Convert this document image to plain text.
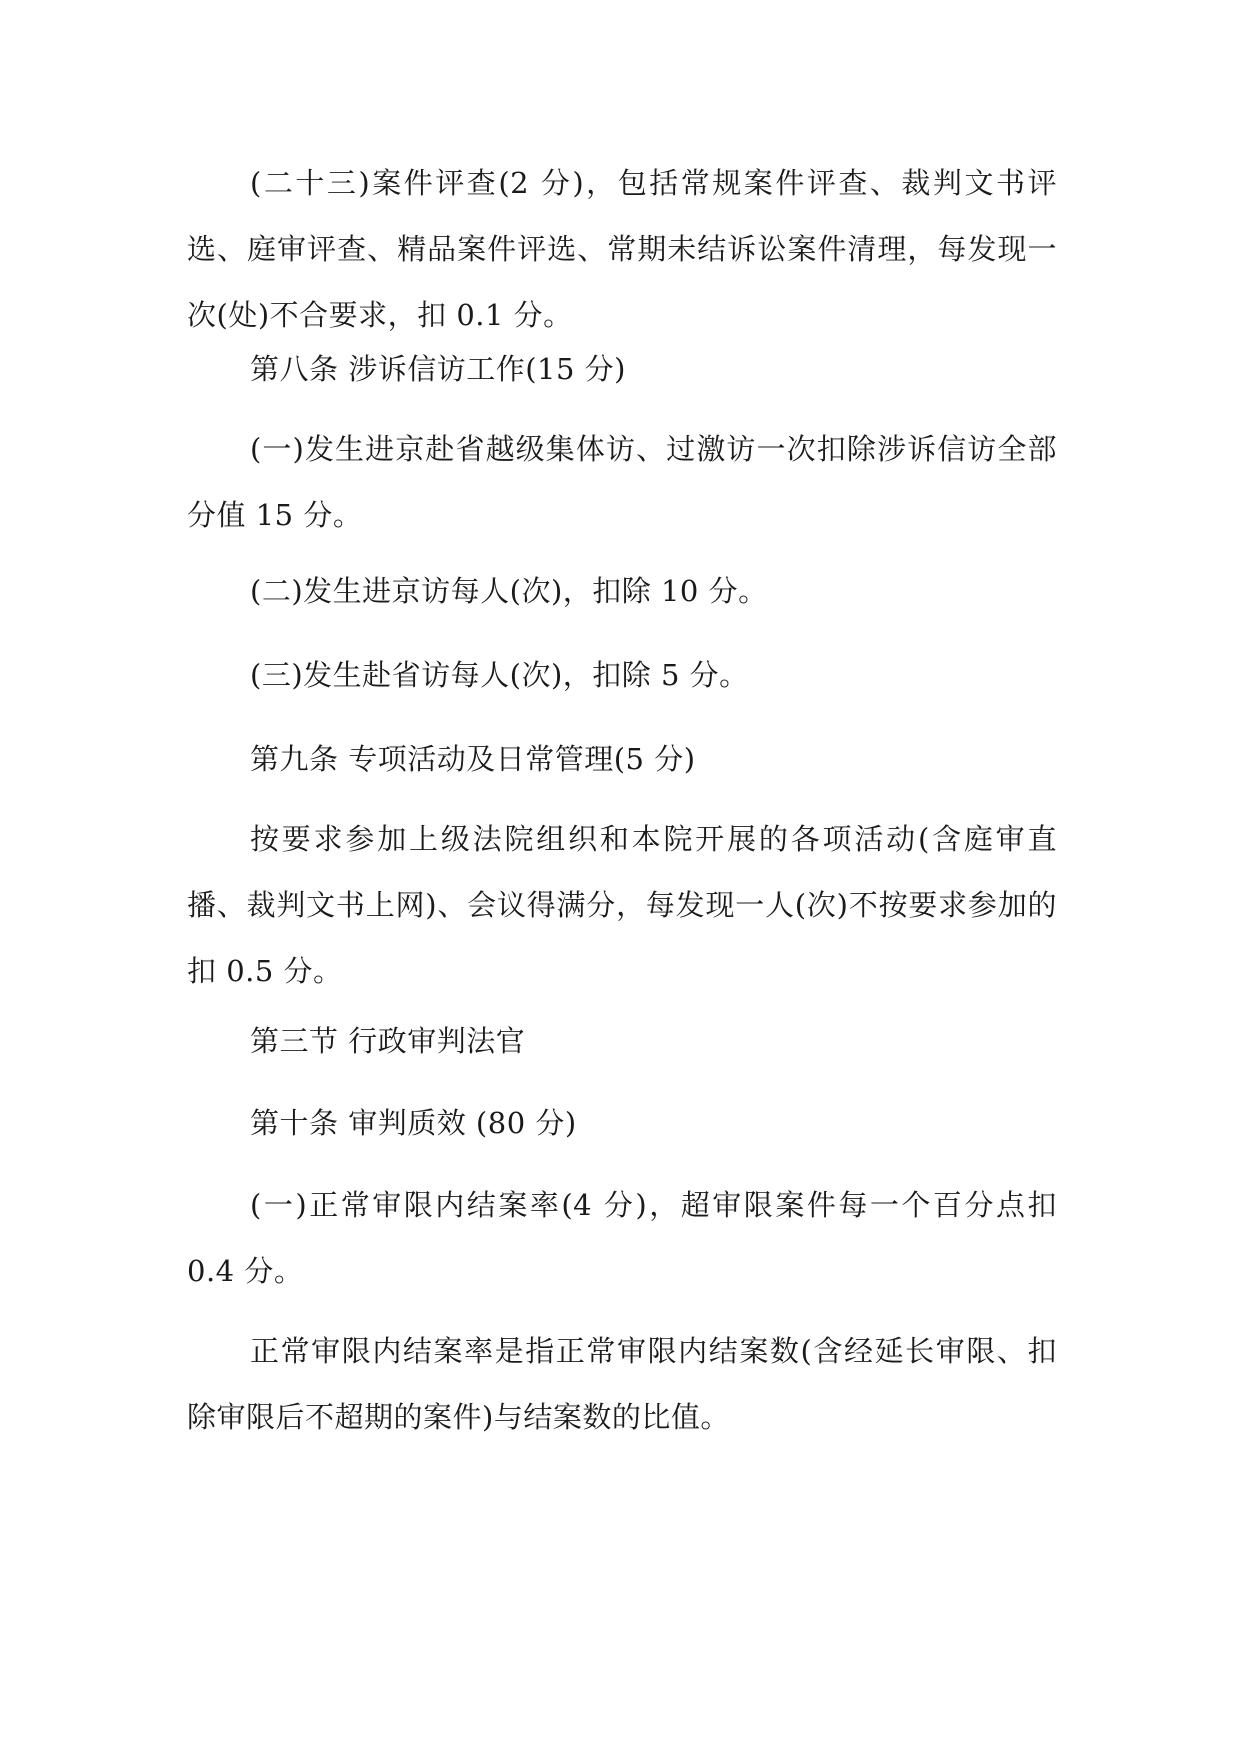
(二十三)案件评查(2 分)，包括常规案件评查、裁判文书评选、庭审评查、精品案件评选、常期未结诉讼案件清理，每发现一次(处)不合要求，扣 0.1 分。

第八条 涉诉信访工作(15 分)

(一)发生进京赴省越级集体访、过激访一次扣除涉诉信访全部分值 15 分。

(二)发生进京访每人(次)，扣除 10 分。

(三)发生赴省访每人(次)，扣除 5 分。

第九条 专项活动及日常管理(5 分)

按要求参加上级法院组织和本院开展的各项活动(含庭审直播、裁判文书上网)、会议得满分，每发现一人(次)不按要求参加的扣 0.5 分。

第三节 行政审判法官

第十条 审判质效 (80 分)

(一)正常审限内结案率(4 分)，超审限案件每一个百分点扣 0.4 分。

正常审限内结案率是指正常审限内结案数(含经延长审限、扣除审限后不超期的案件)与结案数的比值。
